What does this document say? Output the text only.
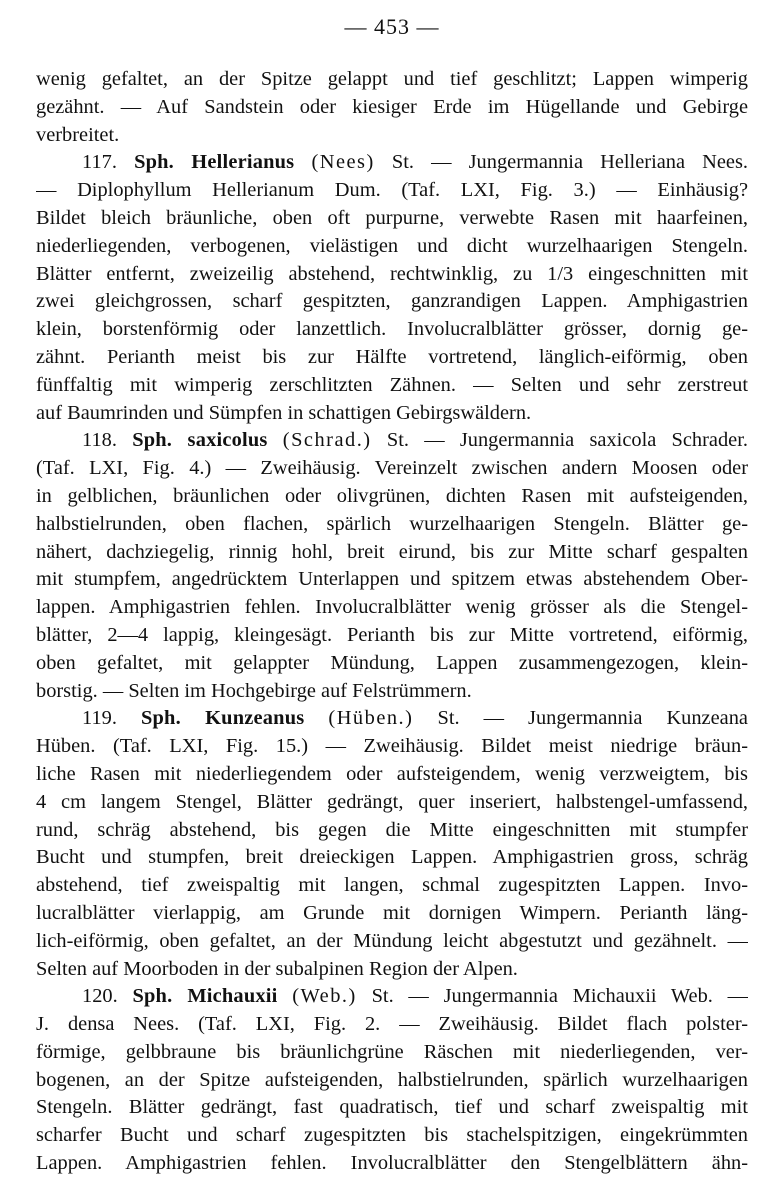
— 453 —

wenig gefaltet, an der Spitze gelappt und tief geschlitzt; Lappen wimperig
gezähnt. — Auf Sandstein oder kiesiger Erde im Hügellande und Gebirge
verbreitet.

117. Sph. Hellerianus (Nees) St. — Jungermannia Helleriana Nees.
— Diplophyllum Hellerianum Dum. (Taf. LXI, Fig. 3.) — Einhäusig?
Bildet bleich bräunliche, oben oft purpurne, verwebte Rasen mit haarfeinen,
niederliegenden, verbogenen, vielästigen und dicht wurzelhaarigen Stengeln.
Blätter entfernt, zweizeilig abstehend, rechtwinklig, zu 1/3 eingeschnitten mit
zwei gleichgrossen, scharf gespitzten, ganzrandigen Lappen. Amphigastrien
klein, borstenförmig oder lanzettlich. Involucralblätter grösser, dornig ge-
zähnt. Perianth meist bis zur Hälfte vortretend, länglich-eiförmig, oben
fünffaltig mit wimperig zerschlitzten Zähnen. — Selten und sehr zerstreut
auf Baumrinden und Sümpfen in schattigen Gebirgswäldern.

118. Sph. saxicolus (Schrad.) St. — Jungermannia saxicola Schrader.
(Taf. LXI, Fig. 4.) — Zweihäusig. Vereinzelt zwischen andern Moosen oder
in gelblichen, bräunlichen oder olivgrünen, dichten Rasen mit aufsteigenden,
halbstielrunden, oben flachen, spärlich wurzelhaarigen Stengeln. Blätter ge-
nähert, dachziegelig, rinnig hohl, breit eirund, bis zur Mitte scharf gespalten
mit stumpfem, angedrücktem Unterlappen und spitzem etwas abstehendem Ober-
lappen. Amphigastrien fehlen. Involucralblätter wenig grösser als die Stengel-
blätter, 2—4 lappig, kleingesägt. Perianth bis zur Mitte vortretend, eiförmig,
oben gefaltet, mit gelappter Mündung, Lappen zusammengezogen, klein-
borstig. — Selten im Hochgebirge auf Felstrümmern.

119. Sph. Kunzeanus (Hüben.) St. — Jungermannia Kunzeana
Hüben. (Taf. LXI, Fig. 15.) — Zweihäusig. Bildet meist niedrige bräun-
liche Rasen mit niederliegendem oder aufsteigendem, wenig verzweigtem, bis
4 cm langem Stengel, Blätter gedrängt, quer inseriert, halbstengel-umfassend,
rund, schräg abstehend, bis gegen die Mitte eingeschnitten mit stumpfer
Bucht und stumpfen, breit dreieckigen Lappen. Amphigastrien gross, schräg
abstehend, tief zweispaltig mit langen, schmal zugespitzten Lappen. Invo-
lucralblätter vierlappig, am Grunde mit dornigen Wimpern. Perianth läng-
lich-eiförmig, oben gefaltet, an der Mündung leicht abgestutzt und gezähnelt. —
Selten auf Moorboden in der subalpinen Region der Alpen.

120. Sph. Michauxii (Web.) St. — Jungermannia Michauxii Web. —
J. densa Nees. (Taf. LXI, Fig. 2. — Zweihäusig. Bildet flach polster-
förmige, gelbbraune bis bräunlichgrüne Räschen mit niederliegenden, ver-
bogenen, an der Spitze aufsteigenden, halbstielrunden, spärlich wurzelhaarigen
Stengeln. Blätter gedrängt, fast quadratisch, tief und scharf zweispaltig mit
scharfer Bucht und scharf zugespitzten bis stachelspitzigen, eingekrümmten
Lappen. Amphigastrien fehlen. Involucralblätter den Stengelblättern ähn-
